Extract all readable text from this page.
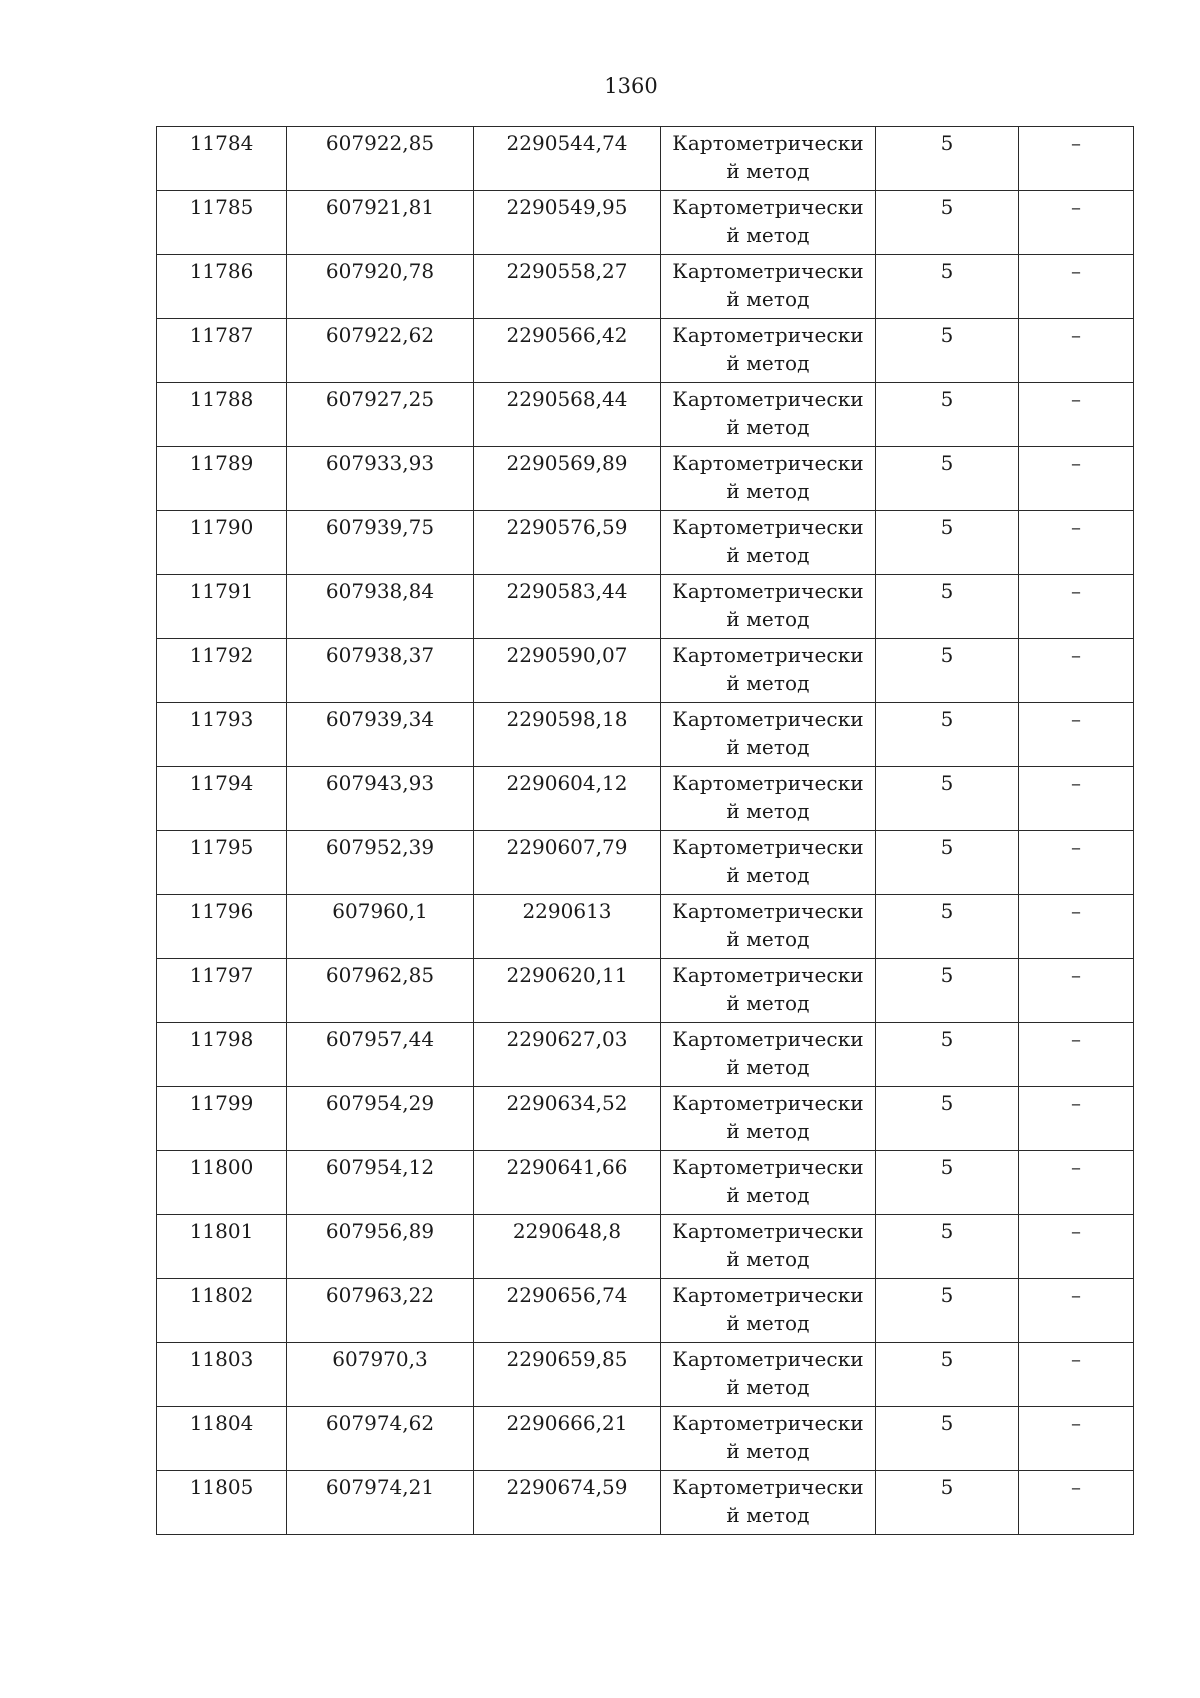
1360
11784	607922,85	2290544,74	Картометрический метод	5	–

11785	607921,81	2290549,95	Картометрический метод	5	–

11786	607920,78	2290558,27	Картометрический метод	5	–

11787	607922,62	2290566,42	Картометрический метод	5	–

11788	607927,25	2290568,44	Картометрический метод	5	–

11789	607933,93	2290569,89	Картометрический метод	5	–

11790	607939,75	2290576,59	Картометрический метод	5	–

11791	607938,84	2290583,44	Картометрический метод	5	–

11792	607938,37	2290590,07	Картометрический метод	5	–

11793	607939,34	2290598,18	Картометрический метод	5	–

11794	607943,93	2290604,12	Картометрический метод	5	–

11795	607952,39	2290607,79	Картометрический метод	5	–

11796	607960,1	2290613	Картометрический метод	5	–

11797	607962,85	2290620,11	Картометрический метод	5	–

11798	607957,44	2290627,03	Картометрический метод	5	–

11799	607954,29	2290634,52	Картометрический метод	5	–

11800	607954,12	2290641,66	Картометрический метод	5	–

11801	607956,89	2290648,8	Картометрический метод	5	–

11802	607963,22	2290656,74	Картометрический метод	5	–

11803	607970,3	2290659,85	Картометрический метод	5	–

11804	607974,62	2290666,21	Картометрический метод	5	–

11805	607974,21	2290674,59	Картометрический метод	5	–
